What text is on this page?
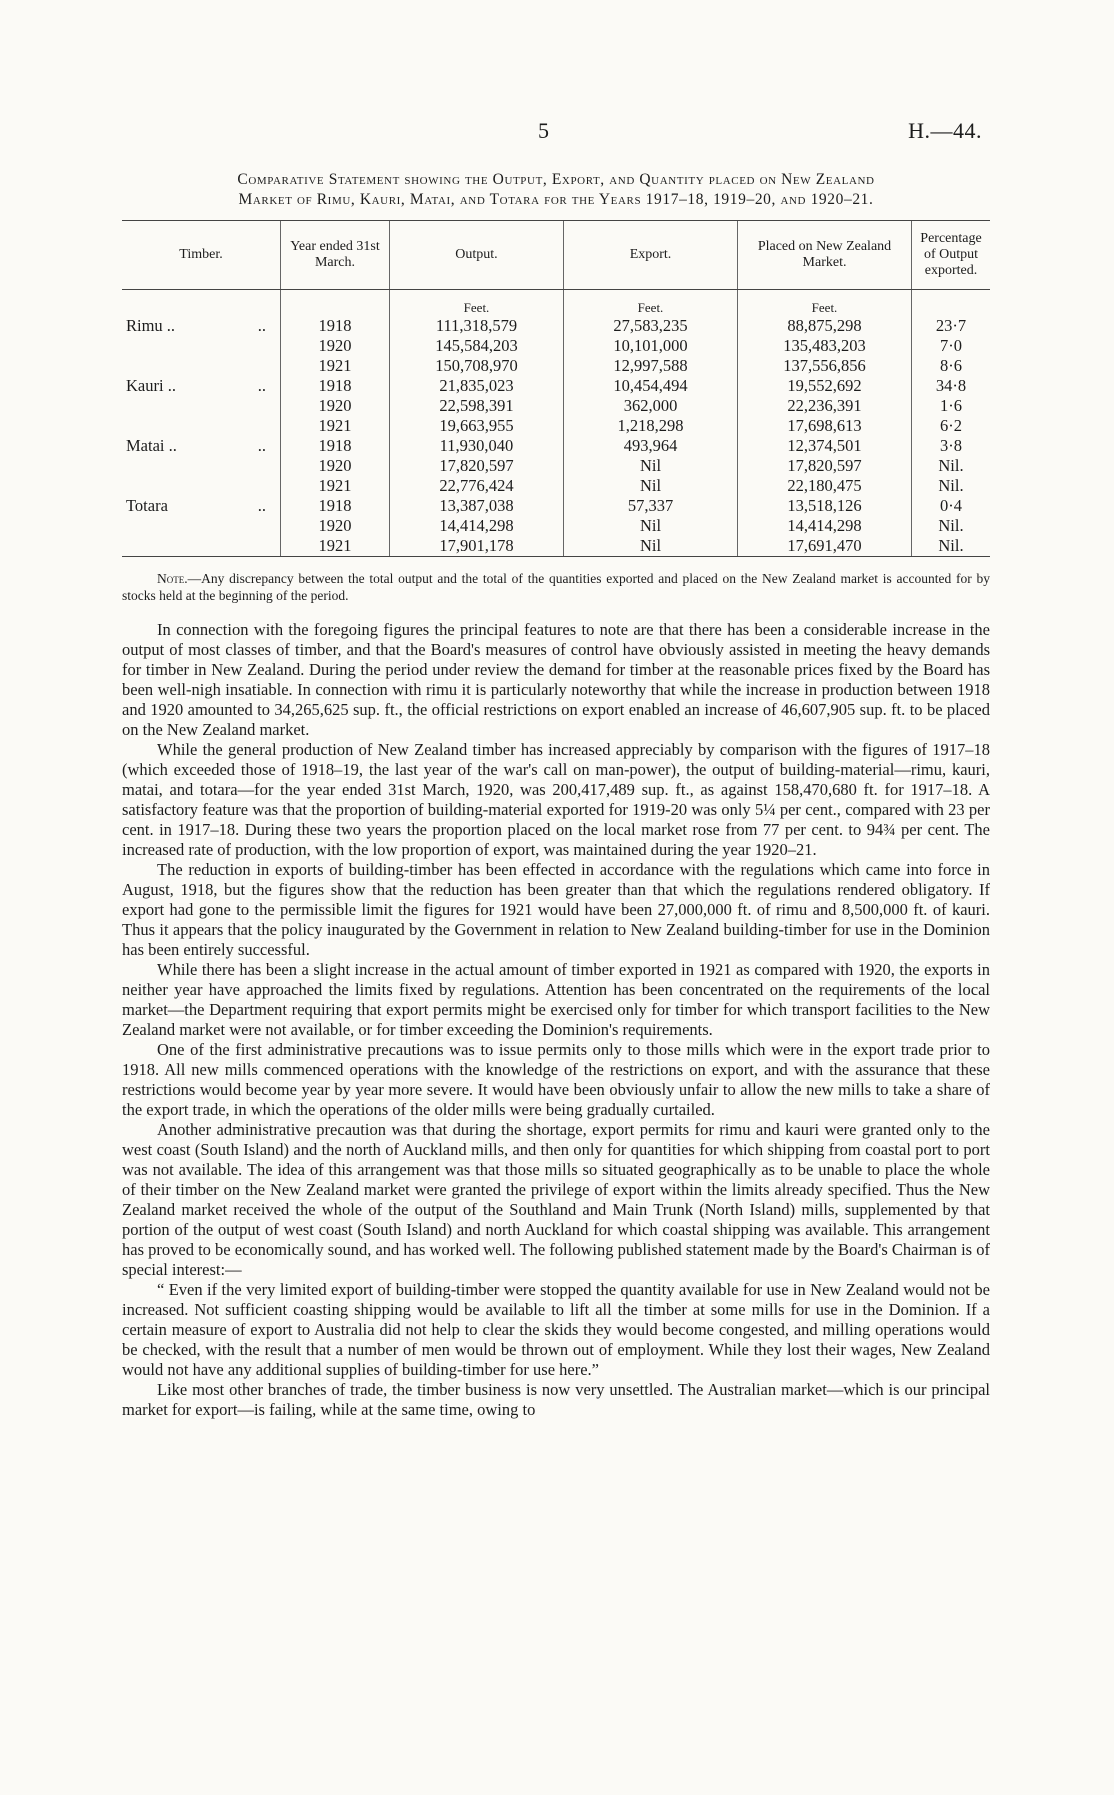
5	H.—44.
Comparative Statement showing the Output, Export, and Quantity placed on New Zealand
Market of Rimu, Kauri, Matai, and Totara for the Years 1917–18, 1919–20, and 1920–21.
Timber.	Year ended 31st March.	Output.	Export.	Placed on New Zealand Market.	Percentage of Output exported.
		Feet.	Feet.	Feet.	
Rimu .. ..	1918	111,318,579	27,583,235	88,875,298	23·7

	1920	145,584,203	10,101,000	135,483,203	7·0

	1921	150,708,970	12,997,588	137,556,856	8·6
Kauri .. ..	1918	21,835,023	10,454,494	19,552,692	34·8

	1920	22,598,391	362,000	22,236,391	1·6

	1921	19,663,955	1,218,298	17,698,613	6·2
Matai .. ..	1918	11,930,040	493,964	12,374,501	3·8

	1920	17,820,597	Nil	17,820,597	Nil.

	1921	22,776,424	Nil	22,180,475	Nil.
Totara ..	1918	13,387,038	57,337	13,518,126	0·4

	1920	14,414,298	Nil	14,414,298	Nil.

	1921	17,901,178	Nil	17,691,470	Nil.
Note.—Any discrepancy between the total output and the total of the quantities exported and placed on the New Zealand market is accounted for by stocks held at the beginning of the period.

In connection with the foregoing figures the principal features to note are that there has been a considerable increase in the output of most classes of timber, and that the Board's measures of control have obviously assisted in meeting the heavy demands for timber in New Zealand. During the period under review the demand for timber at the reasonable prices fixed by the Board has been well-nigh insatiable. In connection with rimu it is particularly noteworthy that while the increase in production between 1918 and 1920 amounted to 34,265,625 sup. ft., the official restrictions on export enabled an increase of 46,607,905 sup. ft. to be placed on the New Zealand market.

While the general production of New Zealand timber has increased appreciably by comparison with the figures of 1917–18 (which exceeded those of 1918–19, the last year of the war's call on man-power), the output of building-material—rimu, kauri, matai, and totara—for the year ended 31st March, 1920, was 200,417,489 sup. ft., as against 158,470,680 ft. for 1917–18. A satisfactory feature was that the proportion of building-material exported for 1919-20 was only 5¼ per cent., compared with 23 per cent. in 1917–18. During these two years the proportion placed on the local market rose from 77 per cent. to 94¾ per cent. The increased rate of production, with the low proportion of export, was maintained during the year 1920–21.

The reduction in exports of building-timber has been effected in accordance with the regulations which came into force in August, 1918, but the figures show that the reduction has been greater than that which the regulations rendered obligatory. If export had gone to the permissible limit the figures for 1921 would have been 27,000,000 ft. of rimu and 8,500,000 ft. of kauri. Thus it appears that the policy inaugurated by the Government in relation to New Zealand building-timber for use in the Dominion has been entirely successful.

While there has been a slight increase in the actual amount of timber exported in 1921 as compared with 1920, the exports in neither year have approached the limits fixed by regulations. Attention has been concentrated on the requirements of the local market—the Department requiring that export permits might be exercised only for timber for which transport facilities to the New Zealand market were not available, or for timber exceeding the Dominion's requirements.

One of the first administrative precautions was to issue permits only to those mills which were in the export trade prior to 1918. All new mills commenced operations with the knowledge of the restrictions on export, and with the assurance that these restrictions would become year by year more severe. It would have been obviously unfair to allow the new mills to take a share of the export trade, in which the operations of the older mills were being gradually curtailed.

Another administrative precaution was that during the shortage, export permits for rimu and kauri were granted only to the west coast (South Island) and the north of Auckland mills, and then only for quantities for which shipping from coastal port to port was not available. The idea of this arrangement was that those mills so situated geographically as to be unable to place the whole of their timber on the New Zealand market were granted the privilege of export within the limits already specified. Thus the New Zealand market received the whole of the output of the Southland and Main Trunk (North Island) mills, supplemented by that portion of the output of west coast (South Island) and north Auckland for which coastal shipping was available. This arrangement has proved to be economically sound, and has worked well. The following published statement made by the Board's Chairman is of special interest:—

“ Even if the very limited export of building-timber were stopped the quantity available for use in New Zealand would not be increased. Not sufficient coasting shipping would be available to lift all the timber at some mills for use in the Dominion. If a certain measure of export to Australia did not help to clear the skids they would become congested, and milling operations would be checked, with the result that a number of men would be thrown out of employment. While they lost their wages, New Zealand would not have any additional supplies of building-timber for use here.”

Like most other branches of trade, the timber business is now very unsettled. The Australian market—which is our principal market for export—is failing, while at the same time, owing to
